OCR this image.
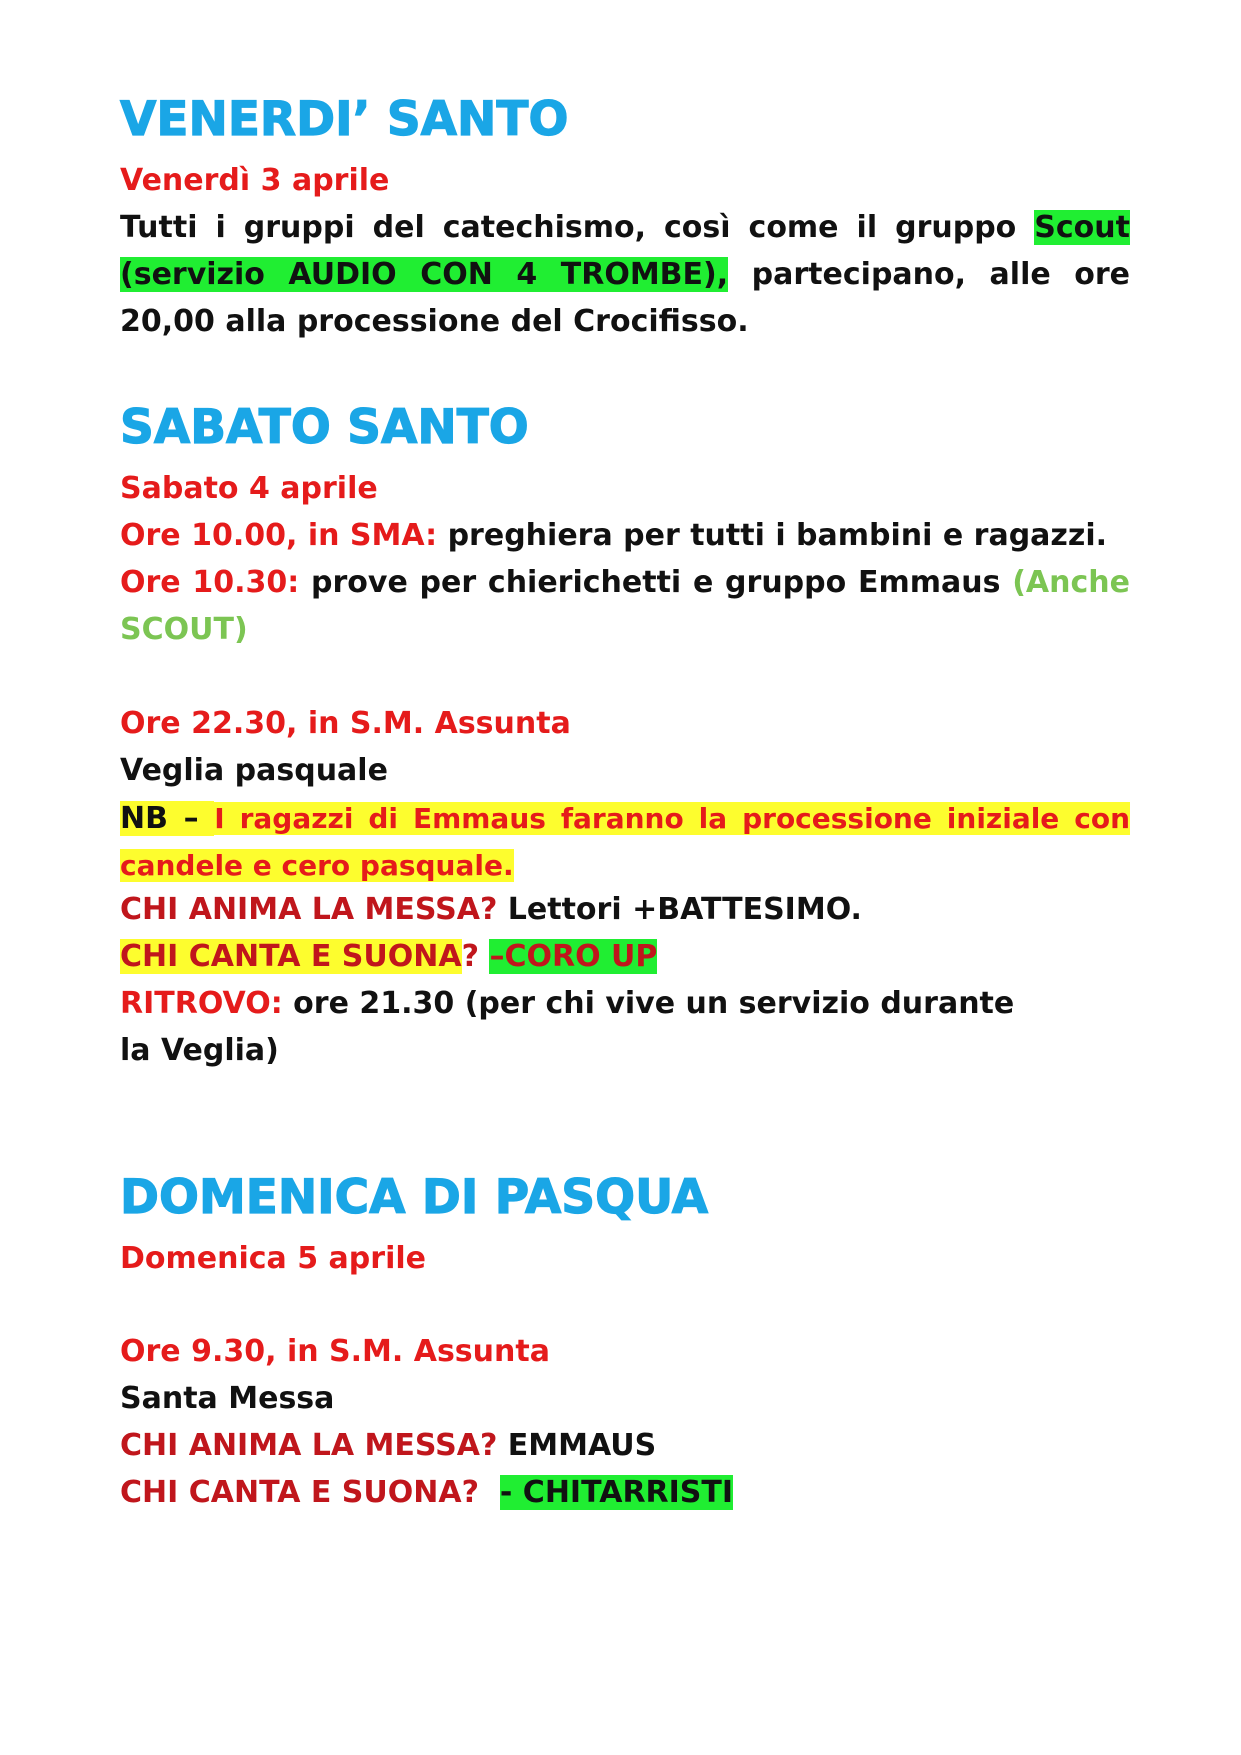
VENERDI’ SANTO
Venerdì 3 aprile
Tutti i gruppi del catechismo, così come il gruppo Scout (servizio AUDIO CON 4 TROMBE), partecipano, alle ore 20,00 alla processione del Crocifisso.
SABATO SANTO
Sabato 4 aprile
Ore 10.00, in SMA: preghiera per tutti i bambini e ragazzi.
Ore 10.30: prove per chierichetti e gruppo Emmaus (Anche SCOUT)
Ore 22.30, in S.M. Assunta
Veglia pasquale
NB – I ragazzi di Emmaus faranno la processione iniziale con candele e cero pasquale.
CHI ANIMA LA MESSA? Lettori +BATTESIMO.
CHI CANTA E SUONA? –CORO UP
RITROVO: ore 21.30 (per chi vive un servizio durante la Veglia)
DOMENICA DI PASQUA
Domenica 5 aprile
Ore 9.30, in S.M. Assunta
Santa Messa
CHI ANIMA LA MESSA? EMMAUS
CHI CANTA E SUONA? - CHITARRISTI
